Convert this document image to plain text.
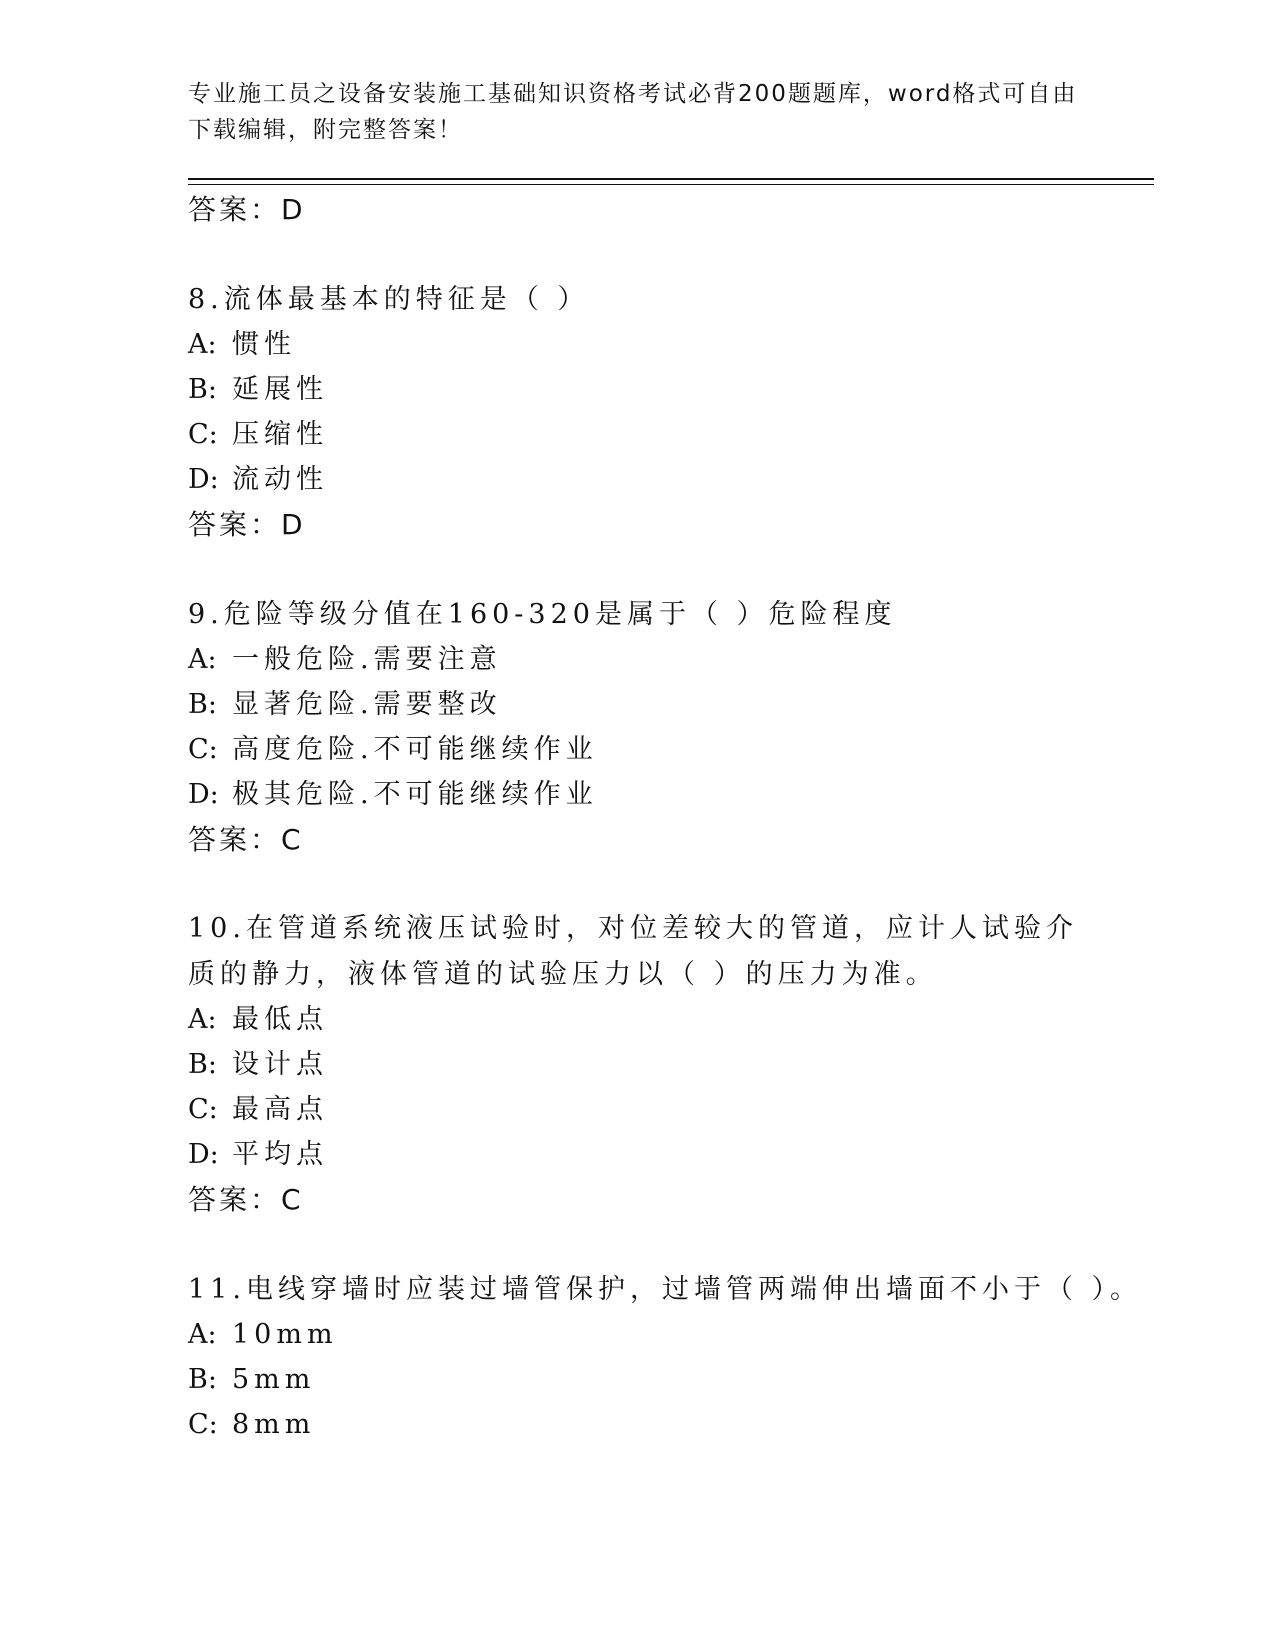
专业施工员之设备安装施工基础知识资格考试必背200题题库，word格式可自由下载编辑，附完整答案！
答案：D
8.流体最基本的特征是（ ）
A: 惯性
B: 延展性
C: 压缩性
D: 流动性
答案：D
9.危险等级分值在160-320是属于（ ）危险程度
A: 一般危险.需要注意
B: 显著危险.需要整改
C: 高度危险.不可能继续作业
D: 极其危险.不可能继续作业
答案：C
10.在管道系统液压试验时，对位差较大的管道，应计人试验介质的静力，液体管道的试验压力以（ ）的压力为准。
A: 最低点
B: 设计点
C: 最高点
D: 平均点
答案：C
11.电线穿墙时应装过墙管保护，过墙管两端伸出墙面不小于（ ）。
A: 10mm
B: 5mm
C: 8mm
